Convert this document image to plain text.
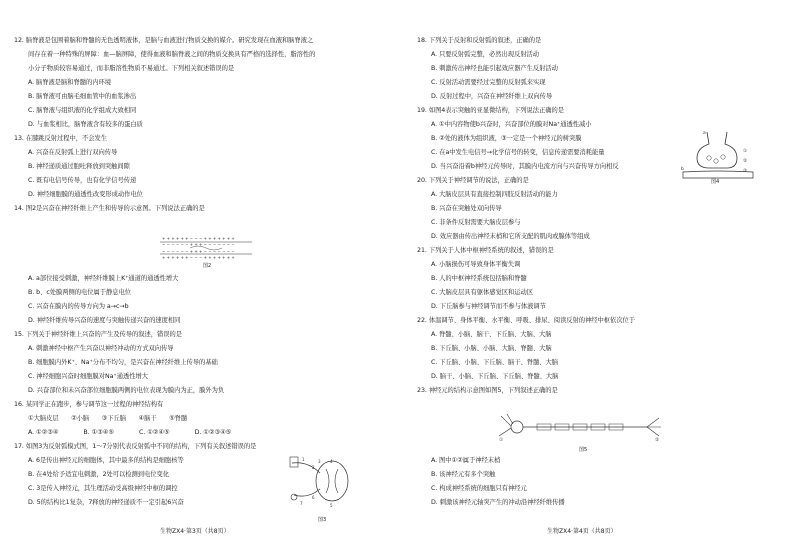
12. 脑脊液是包围着脑和脊髓的无色透明液体，是脑与血液进行物质交换的媒介。研究发现在血液和脑脊液之
间存在着一种特殊的屏障：血—脑屏障，使得血液和脑脊液之间的物质交换具有严格的选择性，脂溶性的
小分子物质较容易通过，而非脂溶性物质不易通过。下列相关叙述错误的是
A. 脑脊液是脑和脊髓的内环境
B. 脑脊液可由脑毛细血管中的血浆渗出
C. 脑脊液与组织液的化学组成大致相同
D. 与血浆相比，脑脊液含有较多的蛋白质
13. 在膝跳反射过程中，不会发生
A. 兴奋在反射弧上进行双向传导
B. 神经递质通过胞吐释放到突触间隙
C. 既有电信号传导，也有化学信号传递
D. 神经细胞膜的通透性改变形成动作电位
14. 图2是兴奋在神经纤维上产生和传导的示意图。下列说法正确的是
A. a部位接受刺激，神经纤维膜上K⁺通道的通透性增大
B. b、c处膜两侧的电位属于静息电位
C. 兴奋在膜内的传导方向为 a→c→b
D. 神经纤维传导兴奋的速度与突触传递兴奋的速度相同
15. 下列关于神经纤维上兴奋的产生及传导的叙述，错误的是
A. 刺激神经中枢产生兴奋以神经冲动的方式双向传导
B. 细胞膜内外K⁺、Na⁺分布不均匀，是兴奋在神经纤维上传导的基础
C. 神经细胞兴奋时细胞膜对Na⁺通透性增大
D. 兴奋部位和未兴奋部位细胞膜两侧的电位表现为膜内为正，膜外为负
16. 某同学正在跑步，参与调节这一过程的神经结构有
①大脑皮层　　②小脑　　③下丘脑　　④脑干　　⑤脊髓
A. ①②③④　　　　B. ①③④⑤　　　　C. ①②④⑤　　　　D. ①②③④⑤
17. 如图3为反射弧模式图，1～7分别代表反射弧中不同的结构，下列有关叙述错误的是
A. 6是传出神经元的细胞体，其中最多的结构是细胞核等
B. 在4处给予适宜电刺激，2处可以检测到电位变化
C. 3是传入神经元，其生理活动受高级神经中枢的调控
D. 5的结构比1复杂，7释放的神经递质不一定引起6兴奋
+ + + + + + − − − + + + + + + +
− − − − − − + + + − − − − − − −
− − − − − − + + + − − − − − − −
+ + + + + + − − − + + + + + + +
图2
1
2
3 4
5
6
7
图3
生物ZX4·第3页（共8页）
18. 下列关于反射和反射弧的叙述，正确的是
A. 只要反射弧完整，必然出现反射活动
B. 刺激传出神经也能引起效应器产生反射活动
C. 反射活动需要经过完整的反射弧来实现
D. 反射过程中，兴奋在神经纤维上双向传导
19. 如图4表示突触的亚显微结构，下列说法正确的是
A. ①中内容物使b兴奋时，兴奋部位的膜对Na⁺通透性减小
B. ②处的液体为组织液，③一定是一个神经元的树突膜
C. 在a中发生电信号→化学信号的转变，信息传递需要消耗能量
D. 当兴奋沿着b神经元传导时，其膜内电流方向与兴奋传导方向相反
20. 下列关于神经调节的说法，正确的是
A. 大脑皮层具有直接控制四肢反射活动的能力
B. 兴奋在突触处双向传导
C. 非条件反射需要大脑皮层参与
D. 效应器由传出神经末梢和它所支配的肌肉或腺体等组成
21. 下列关于人体中枢神经系统的叙述，错误的是
A. 小脑损伤可导致身体平衡失调
B. 人的中枢神经系统包括脑和脊髓
C. 大脑皮层具有躯体感觉区和运动区
D. 下丘脑参与神经调节而不参与体液调节
22. 体温调节、身体平衡、水平衡、呼吸、排尿、阅读反射的神经中枢依次位于
A. 脊髓、小脑、脑干、下丘脑、大脑、大脑
B. 下丘脑、小脑、小脑、大脑、脊髓、大脑
C. 下丘脑、小脑、下丘脑、脑干、脊髓、大脑
D. 脑干、小脑、下丘脑、下丘脑、脊髓、大脑
23. 神经元的结构示意图如图5，下列叙述正确的是
A. 图中①②属于神经末梢
B. 该神经元有多个突触
C. 构成神经系统的细胞只有神经元
D. 刺激该神经元轴突产生的冲动沿神经纤维传播
a
b
①
②
③
图4
①	②
图5
生物ZX4·第4页（共8页）
